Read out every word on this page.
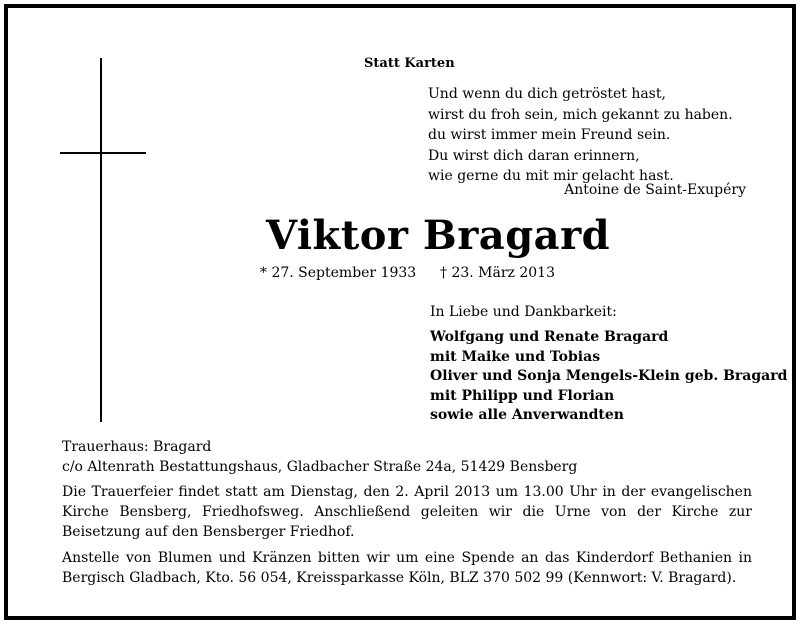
Statt Karten
Und wenn du dich getröstet hast,
wirst du froh sein, mich gekannt zu haben.
du wirst immer mein Freund sein.
Du wirst dich daran erinnern,
wie gerne du mit mir gelacht hast.
Antoine de Saint-Exupéry
Viktor Bragard
* 27. September 1933 † 23. März 2013
In Liebe und Dankbarkeit:
Wolfgang und Renate Bragard
mit Maike und Tobias
Oliver und Sonja Mengels-Klein geb. Bragard
mit Philipp und Florian
sowie alle Anverwandten
Trauerhaus: Bragard
c/o Altenrath Bestattungshaus, Gladbacher Straße 24a, 51429 Bensberg
Die Trauerfeier findet statt am Dienstag, den 2. April 2013 um 13.00 Uhr in der evangelischen Kirche Bensberg, Friedhofsweg. Anschließend geleiten wir die Urne von der Kirche zur Beisetzung auf den Bensberger Friedhof.
Anstelle von Blumen und Kränzen bitten wir um eine Spende an das Kinderdorf Bethanien in Bergisch Gladbach, Kto. 56 054, Kreissparkasse Köln, BLZ 370 502 99 (Kennwort: V. Bragard).
